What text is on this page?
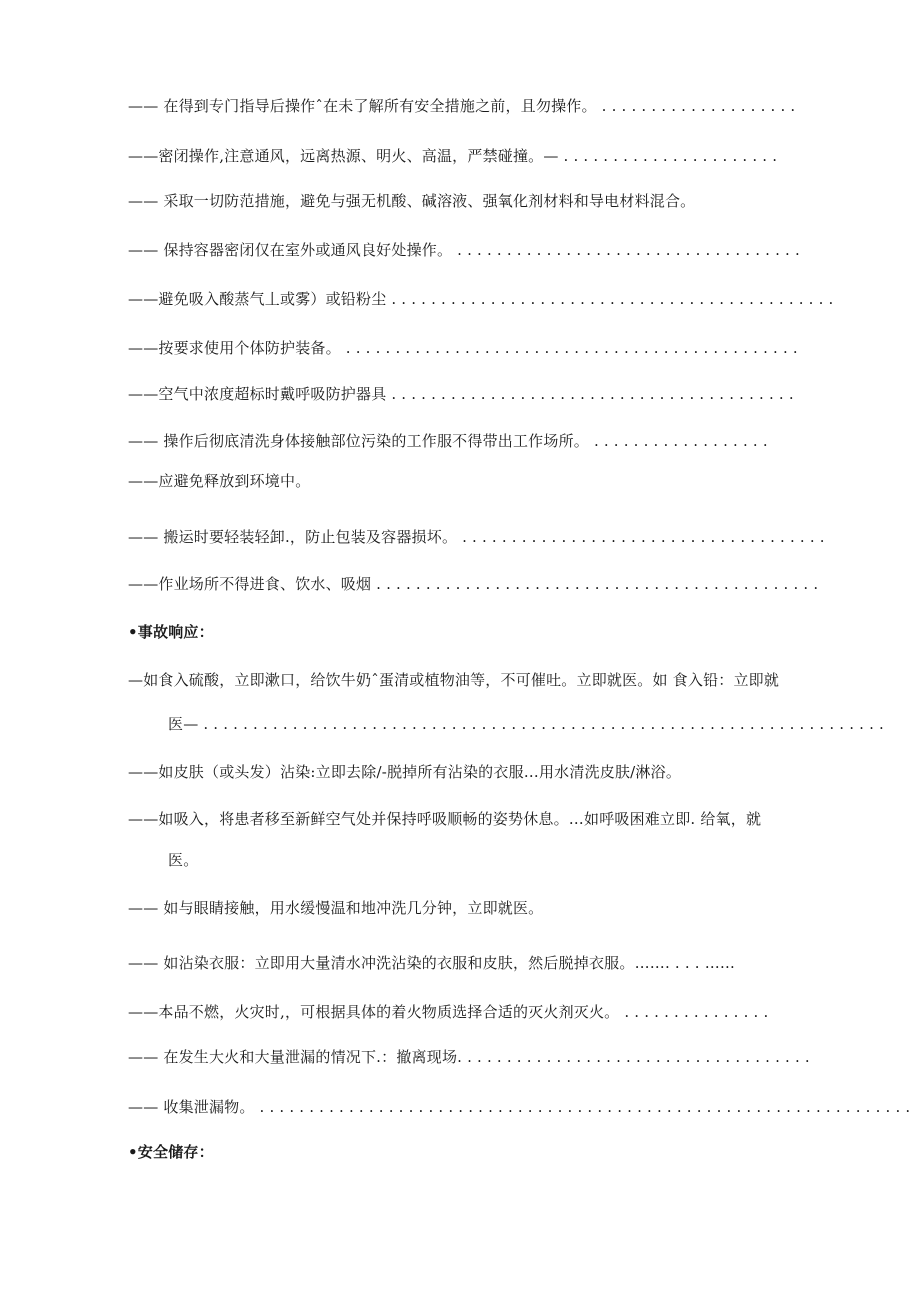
—— 在得到专门指导后操作ˆ在未了解所有安全措施之前，且勿操作。 . . . . . . . . . . . . . . . . . . . .
——密闭操作,注意通风，远离热源、明火、高温，严禁碰撞。— . . . . . . . . . . . . . . . . . . . . . .
—— 采取一切防范措施，避免与强无机酸、碱溶液、强氧化剂材料和导电材料混合。
—— 保持容器密闭仅在室外或通风良好处操作。 . . . . . . . . . . . . . . . . . . . . . . . . . . . . . . . . . . .
——避免吸入酸蒸气丄或雾）或铅粉尘 . . . . . . . . . . . . . . . . . . . . . . . . . . . . . . . . . . . . . . . . . . . . .
——按要求使用个体防护装备。 . . . . . . . . . . . . . . . . . . . . . . . . . . . . . . . . . . . . . . . . . . . . . .
——空气中浓度超标时戴呼吸防护器具 . . . . . . . . . . . . . . . . . . . . . . . . . . . . . . . . . . . . . . . . .
—— 操作后彻底清洗身体接触部位污染的工作服不得带出工作场所。 . . . . . . . . . . . . . . . . . .
——应避免释放到环境中。
—— 搬运时要轻装轻卸.，防止包装及容器损坏。 . . . . . . . . . . . . . . . . . . . . . . . . . . . . . . . . . . . . .
——作业场所不得进食、饮水、吸烟 . . . . . . . . . . . . . . . . . . . . . . . . . . . . . . . . . . . . . . . . . . . . .
•事故响应：
—如食入硫酸，立即漱口，给饮牛奶ˆ蛋清或植物油等，不可催吐。立即就医。如 食入铅：立即就
医— . . . . . . . . . . . . . . . . . . . . . . . . . . . . . . . . . . . . . . . . . . . . . . . . . . . . . . . . . . . . . . . . . . . . .
——如皮肤（或头发）沾染:立即去除/-脱掉所有沾染的衣服…用水清洗皮肤/淋浴。
——如吸入，将患者移至新鲜空气处并保持呼吸顺畅的姿势休息。…如呼吸困难立即. 给氧，就
医。
—— 如与眼睛接触，用水缓慢温和地冲洗几分钟，立即就医。
—— 如沾染衣服：立即用大量清水冲洗沾染的衣服和皮肤，然后脱掉衣服。……. . . . ……
——本品不燃，火灾时,，可根据具体的着火物质选择合适的灭火剂灭火。 . . . . . . . . . . . . . . .
—— 在发生大火和大量泄漏的情况下.：撤离现场. . . . . . . . . . . . . . . . . . . . . . . . . . . . . . . . . . . .
—— 收集泄漏物。 . . . . . . . . . . . . . . . . . . . . . . . . . . . . . . . . . . . . . . . . . . . . . . . . . . . . . . . . . . . . . . . . . .
•安全储存：
